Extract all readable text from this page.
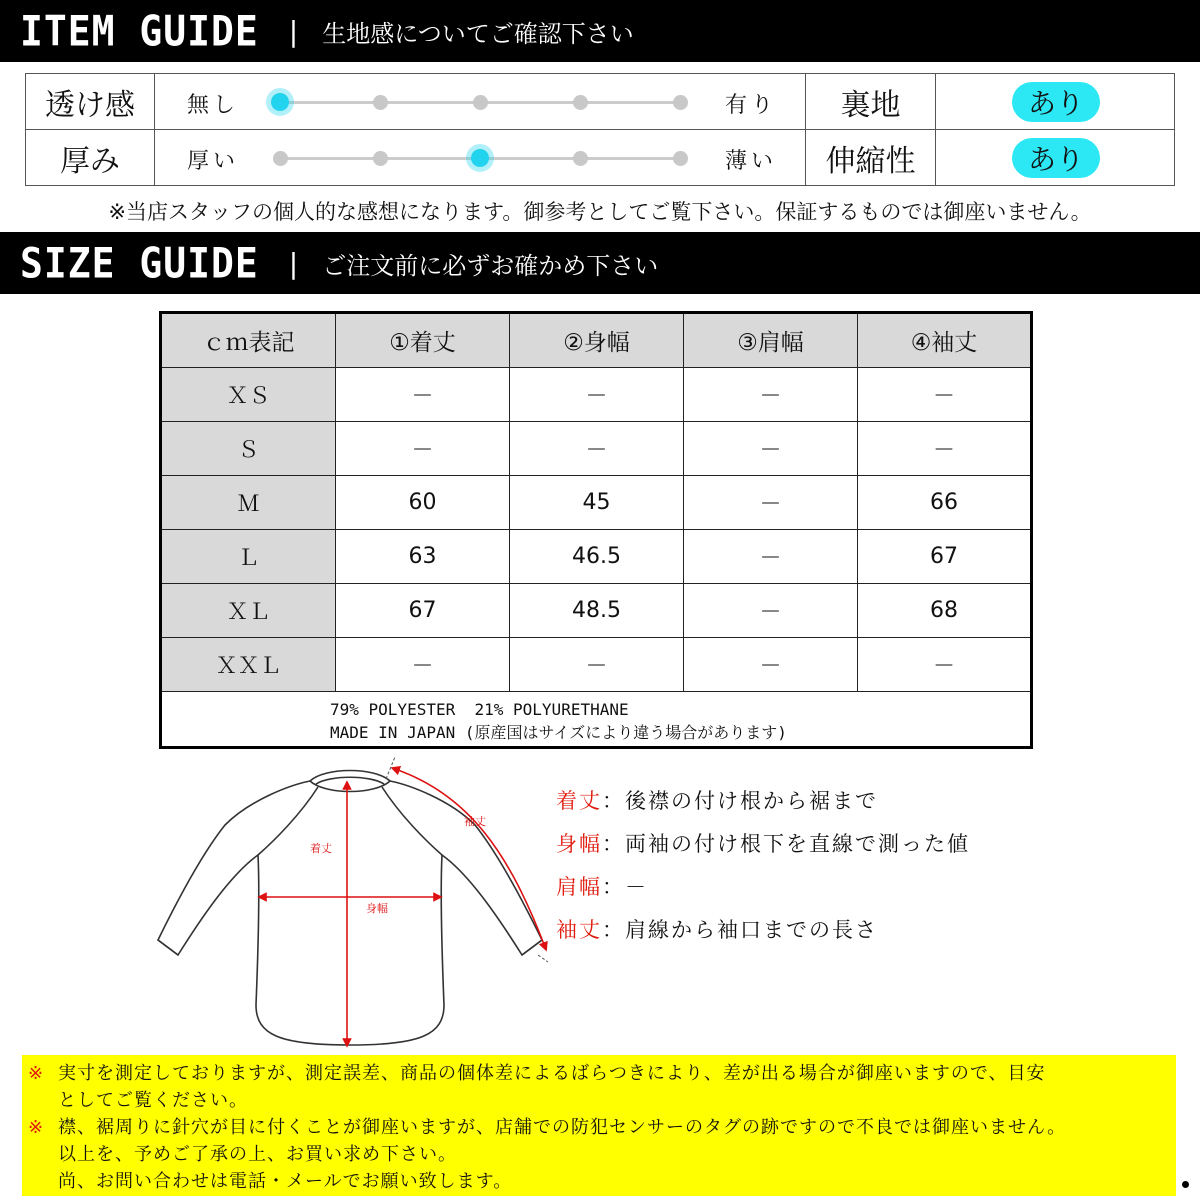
ITEM GUIDE | 生地感についてご確認下さい
透け感	無し	有り	裏地	あり
厚み	厚い	薄い	伸縮性	あり
※当店スタッフの個人的な感想になります。御参考としてご覧下さい。保証するものでは御座いません。
SIZE GUIDE | ご注文前に必ずお確かめ下さい
ｃｍ表記	①着丈	②身幅	③肩幅	④袖丈
ＸＳ	－	－	－	－
Ｓ	－	－	－	－
Ｍ	60	45	－	66
Ｌ	63	46.5	－	67
ＸＬ	67	48.5	－	68
ＸＸＬ	－	－	－	－
79% POLYESTER  21% POLYURETHANE
MADE IN JAPAN (原産国はサイズにより違う場合があります)
着丈
身幅
袖丈
着丈 ：後襟の付け根から裾まで
身幅 ：両袖の付け根下を直線で測った値
肩幅 ：－
袖丈 ：肩線から袖口までの長さ
※ 実寸を測定しておりますが、測定誤差、商品の個体差によるばらつきにより、差が出る場合が御座いますので、目安
としてご覧ください。
※ 襟、裾周りに針穴が目に付くことが御座いますが、店舗での防犯センサーのタグの跡ですので不良では御座いません。
以上を、予めご了承の上、お買い求め下さい。
尚、お問い合わせは電話・メールでお願い致します。
